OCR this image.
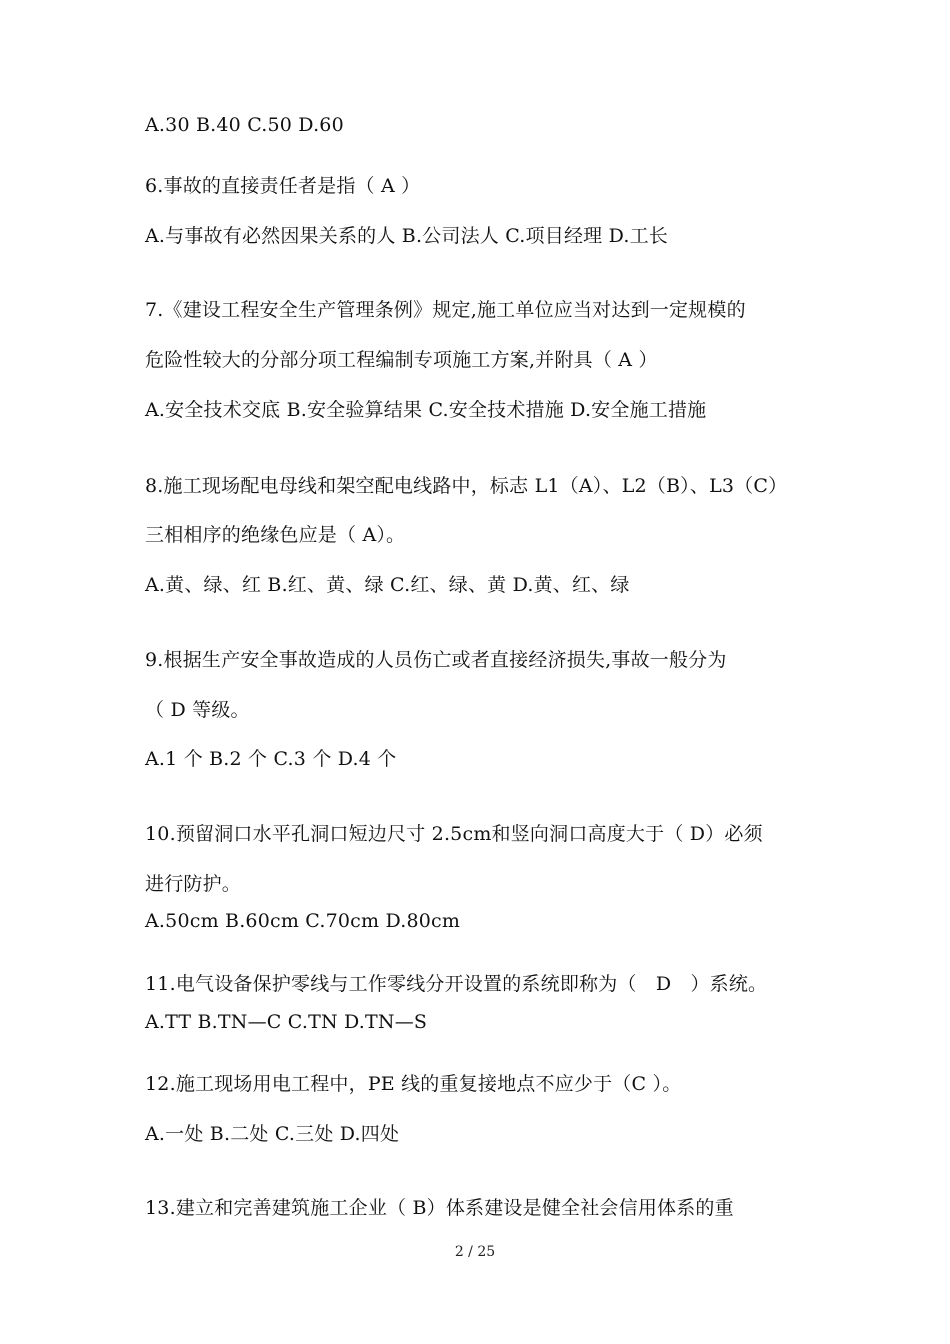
A.30 B.40 C.50 D.60
6.事故的直接责任者是指（ A ）
A.与事故有必然因果关系的人 B.公司法人 C.项目经理 D.工长
7.《建设工程安全生产管理条例》规定,施工单位应当对达到一定规模的
危险性较大的分部分项工程编制专项施工方案,并附具（ A ）
A.安全技术交底 B.安全验算结果 C.安全技术措施 D.安全施工措施
8.施工现场配电母线和架空配电线路中，标志 L1（A）、L2（B）、L3（C）
三相相序的绝缘色应是（ A）。
A.黄、绿、红 B.红、黄、绿 C.红、绿、黄 D.黄、红、绿
9.根据生产安全事故造成的人员伤亡或者直接经济损失,事故一般分为
（ D 等级。
A.1 个 B.2 个 C.3 个 D.4 个
10.预留洞口水平孔洞口短边尺寸 2.5cm和竖向洞口高度大于（ D）必须
进行防护。
A.50cm B.60cm C.70cm D.80cm
11.电气设备保护零线与工作零线分开设置的系统即称为（　D　）系统。
A.TT B.TN—C C.TN D.TN—S
12.施工现场用电工程中，PE 线的重复接地点不应少于（C ）。
A.一处 B.二处 C.三处 D.四处
13.建立和完善建筑施工企业（ B）体系建设是健全社会信用体系的重
2 / 25
